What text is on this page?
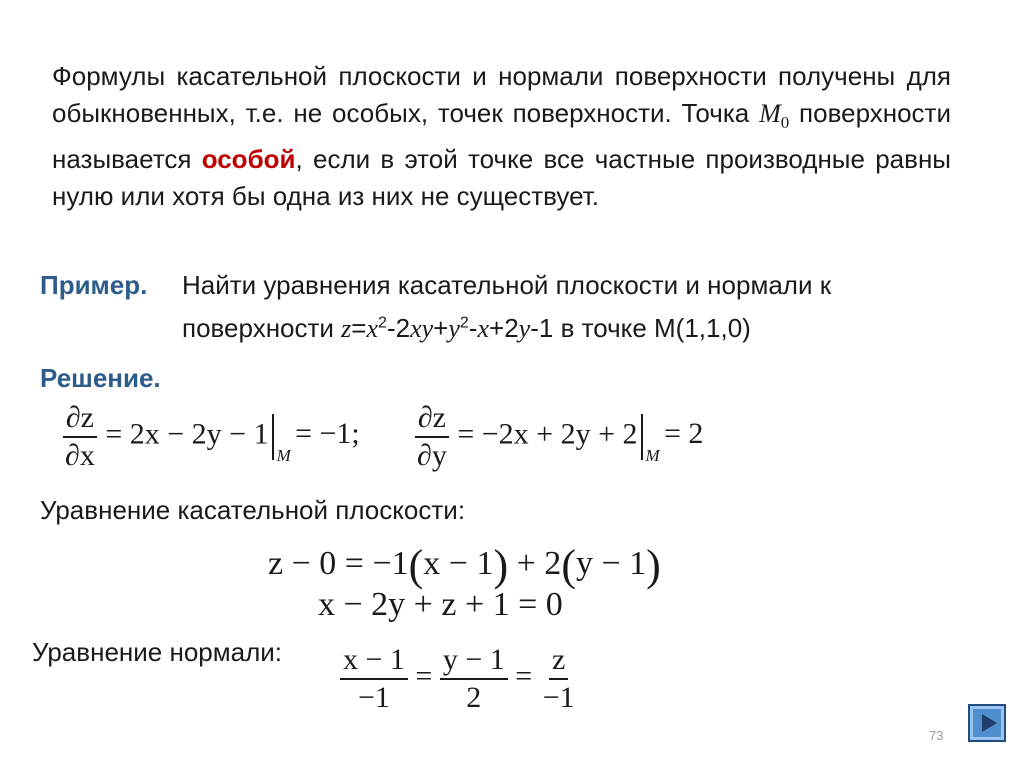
Формулы касательной плоскости и нормали поверхности получены для обыкновенных, т.е. не особых, точек поверхности. Точка $M_0$ поверхности называется особой, если в этой точке все частные производные равны нулю или хотя бы одна из них не существует.

Пример. Найти уравнения касательной плоскости и нормали к
поверхности $z=x^2-2xy+y^2-x+2y-1$ в точке М(1,1,0)
Решение.
$\frac{\partial z}{\partial x} = 2x - 2y - 1$
M
= −1; $\frac{\partial z}{\partial y} = -2x + 2y + 2$
M
= 2
Уравнение касательной плоскости:
z − 0 = −1(x − 1) + 2(y − 1)
x − 2y + z + 1 = 0
Уравнение нормали: $\frac{x - 1}{-1} = \frac{y - 1}{2} = \frac{z}{-1}$
73
